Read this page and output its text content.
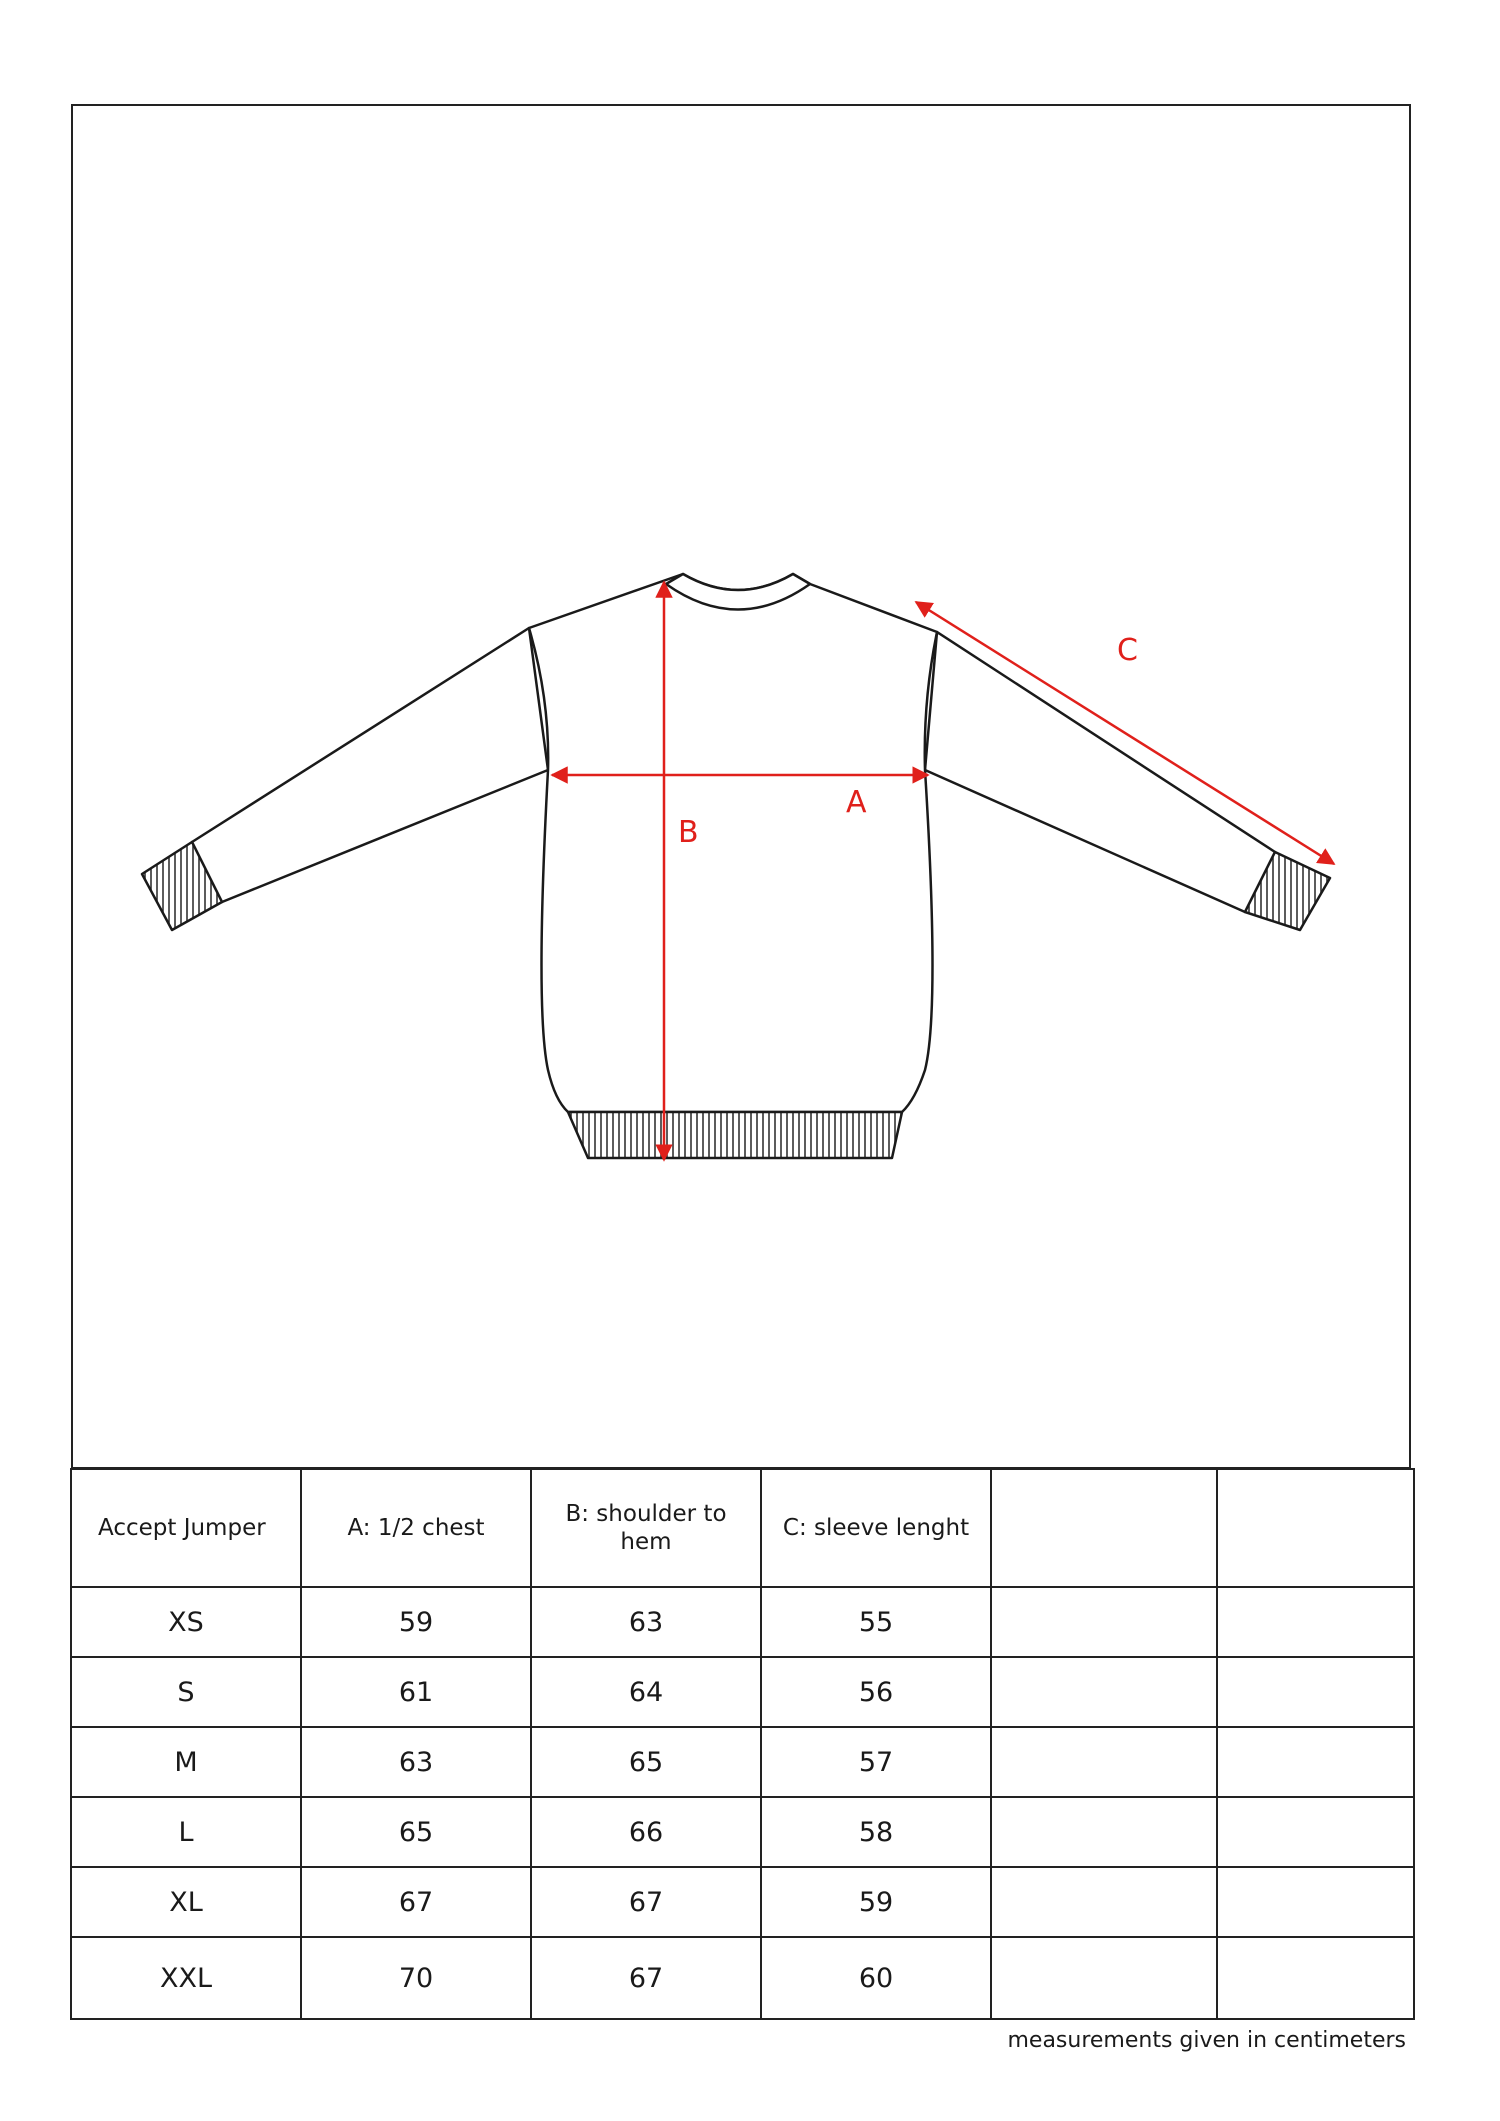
A
B
C
Accept Jumper	A: 1/2 chest	B: shoulder to hem	C: sleeve lenght		
XS	59	63	55		
S	61	64	56		
M	63	65	57		
L	65	66	58		
XL	67	67	59		
XXL	70	67	60		
measurements given in centimeters
